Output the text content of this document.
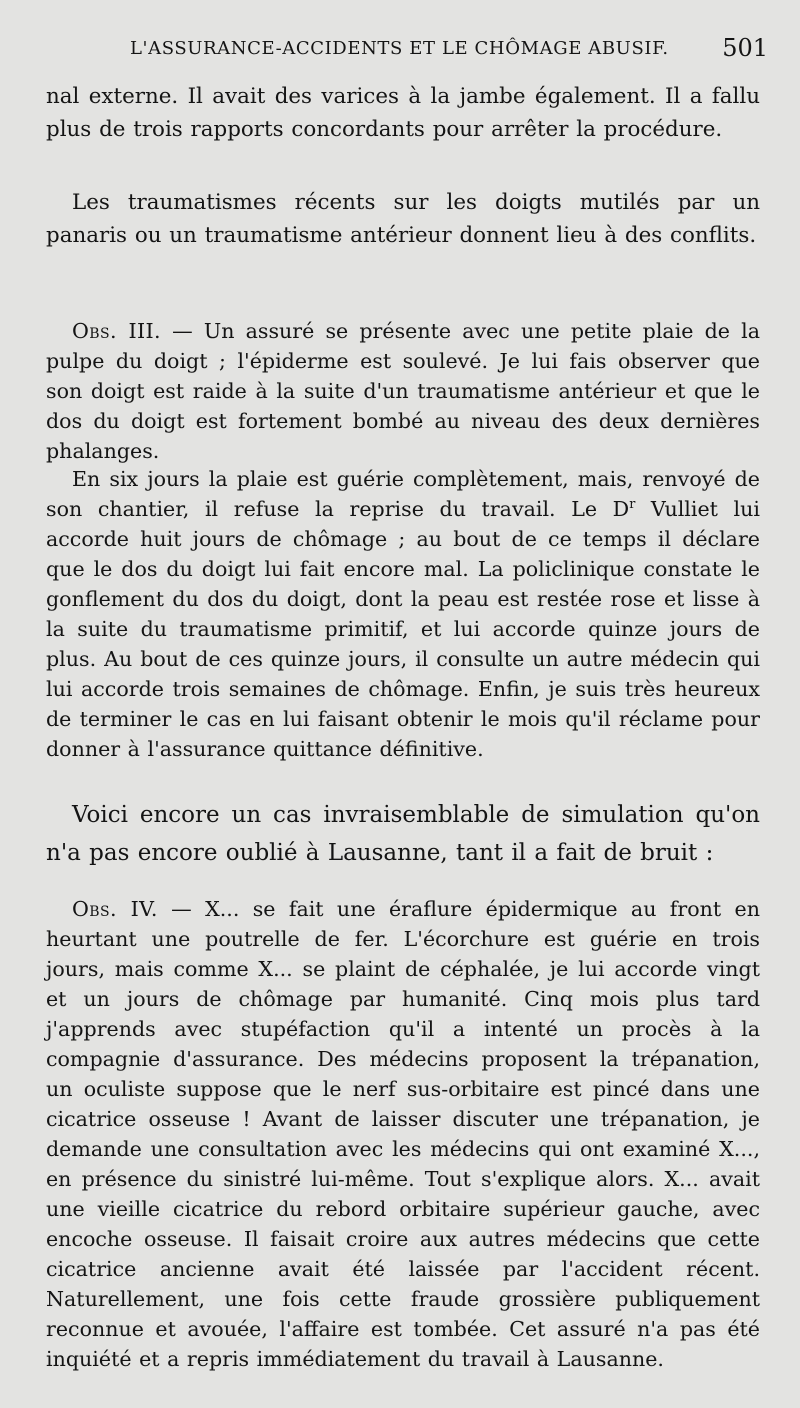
L'ASSURANCE-ACCIDENTS ET LE CHÔMAGE ABUSIF. 501

nal externe. Il avait des varices à la jambe également. Il a fallu plus de trois rapports concordants pour arrêter la procédure.

Les traumatismes récents sur les doigts mutilés par un panaris ou un traumatisme antérieur donnent lieu à des conflits.

Obs. III. — Un assuré se présente avec une petite plaie de la pulpe du doigt ; l'épiderme est soulevé. Je lui fais observer que son doigt est raide à la suite d'un traumatisme antérieur et que le dos du doigt est fortement bombé au niveau des deux dernières phalanges.

En six jours la plaie est guérie complètement, mais, renvoyé de son chantier, il refuse la reprise du travail. Le $D^r$ Vulliet lui accorde huit jours de chômage ; au bout de ce temps il déclare que le dos du doigt lui fait encore mal. La policlinique constate le gonflement du dos du doigt, dont la peau est restée rose et lisse à la suite du traumatisme primitif, et lui accorde quinze jours de plus. Au bout de ces quinze jours, il consulte un autre médecin qui lui accorde trois semaines de chômage. Enfin, je suis très heureux de terminer le cas en lui faisant obtenir le mois qu'il réclame pour donner à l'assurance quittance définitive.

Voici encore un cas invraisemblable de simulation qu'on n'a pas encore oublié à Lausanne, tant il a fait de bruit :

Obs. IV. — X... se fait une éraflure épidermique au front en heurtant une poutrelle de fer. L'écorchure est guérie en trois jours, mais comme X... se plaint de céphalée, je lui accorde vingt et un jours de chômage par humanité. Cinq mois plus tard j'apprends avec stupéfaction qu'il a intenté un procès à la compagnie d'assurance. Des médecins proposent la trépanation, un oculiste suppose que le nerf sus-orbitaire est pincé dans une cicatrice osseuse ! Avant de laisser discuter une trépanation, je demande une consultation avec les médecins qui ont examiné X..., en présence du sinistré lui-même. Tout s'explique alors. X... avait une vieille cicatrice du rebord orbitaire supérieur gauche, avec encoche osseuse. Il faisait croire aux autres médecins que cette cicatrice ancienne avait été laissée par l'accident récent. Naturellement, une fois cette fraude grossière publiquement reconnue et avouée, l'affaire est tombée. Cet assuré n'a pas été inquiété et a repris immédiatement du travail à Lausanne.
